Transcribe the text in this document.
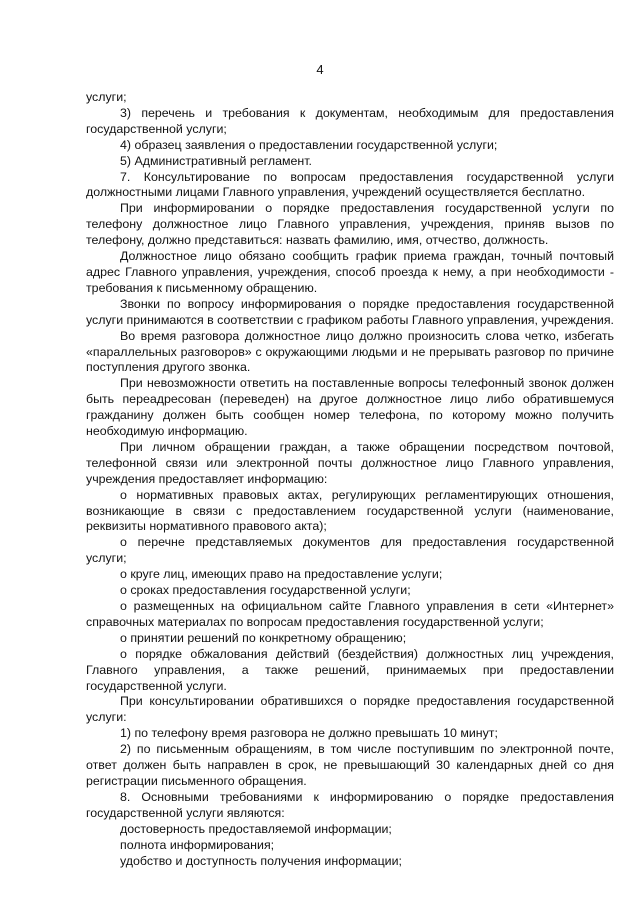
4

услуги;

3) перечень и требования к документам, необходимым для предоставления государственной услуги;

4) образец заявления о предоставлении государственной услуги;

5) Административный регламент.

7. Консультирование по вопросам предоставления государственной услуги должностными лицами Главного управления, учреждений осуществляется бесплатно.

При информировании о порядке предоставления государственной услуги по телефону должностное лицо Главного управления, учреждения, приняв вызов по телефону, должно представиться: назвать фамилию, имя, отчество, должность.

Должностное лицо обязано сообщить график приема граждан, точный почтовый адрес Главного управления, учреждения, способ проезда к нему, а при необходимости - требования к письменному обращению.

Звонки по вопросу информирования о порядке предоставления государственной услуги принимаются в соответствии с графиком работы Главного управления, учреждения.

Во время разговора должностное лицо должно произносить слова четко, избегать «параллельных разговоров» с окружающими людьми и не прерывать разговор по причине поступления другого звонка.

При невозможности ответить на поставленные вопросы телефонный звонок должен быть переадресован (переведен) на другое должностное лицо либо обратившемуся гражданину должен быть сообщен номер телефона, по которому можно получить необходимую информацию.

При личном обращении граждан, а также обращении посредством почтовой, телефонной связи или электронной почты должностное лицо Главного управления, учреждения предоставляет информацию:

о нормативных правовых актах, регулирующих регламентирующих отношения, возникающие в связи с предоставлением государственной услуги (наименование, реквизиты нормативного правового акта);

о перечне представляемых документов для предоставления государственной услуги;

о круге лиц, имеющих право на предоставление услуги;

о сроках предоставления государственной услуги;

о размещенных на официальном сайте Главного управления в сети «Интернет» справочных материалах по вопросам предоставления государственной услуги;

о принятии решений по конкретному обращению;

о порядке обжалования действий (бездействия) должностных лиц учреждения, Главного управления, а также решений, принимаемых при предоставлении государственной услуги.

При консультировании обратившихся о порядке предоставления государственной услуги:

1) по телефону время разговора не должно превышать 10 минут;

2) по письменным обращениям, в том числе поступившим по электронной почте, ответ должен быть направлен в срок, не превышающий 30 календарных дней со дня регистрации письменного обращения.

8. Основными требованиями к информированию о порядке предоставления государственной услуги являются:

достоверность предоставляемой информации;

полнота информирования;

удобство и доступность получения информации;
